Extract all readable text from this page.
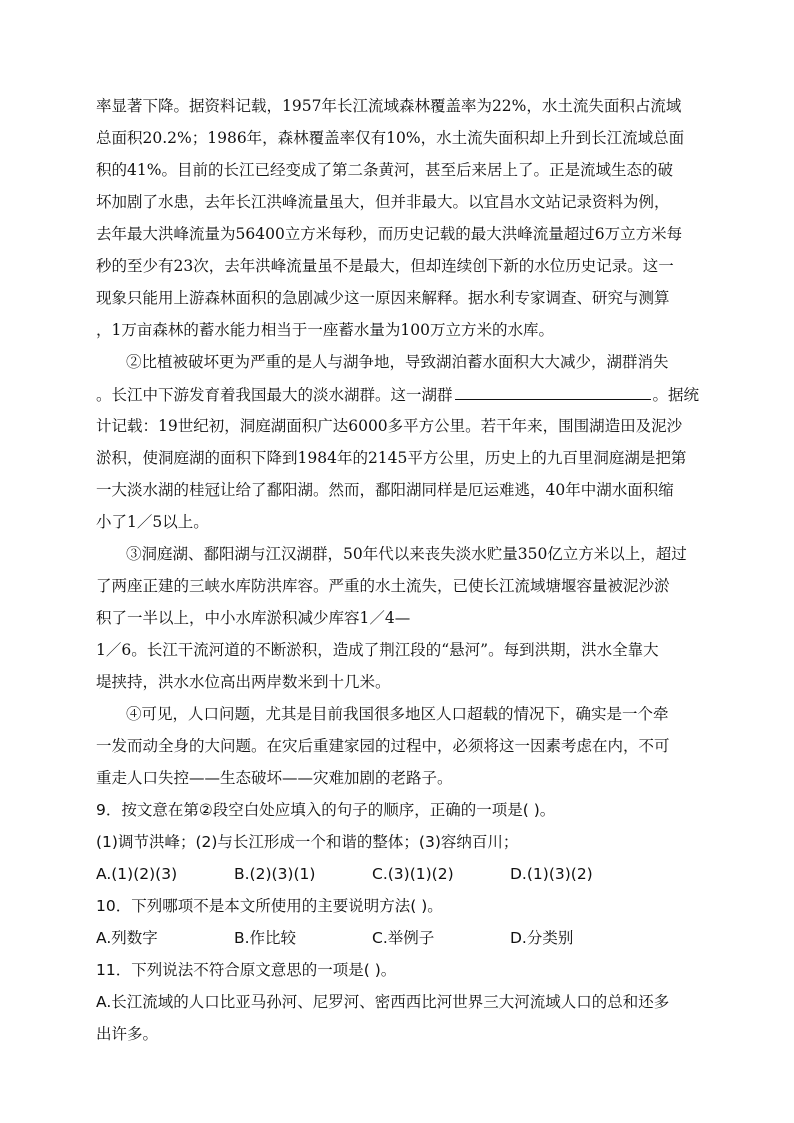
率显著下降。据资料记载，1957年长江流域森林覆盖率为22%，水土流失面积占流域
总面积20.2%；1986年，森林覆盖率仅有10%，水土流失面积却上升到长江流域总面
积的41%。目前的长江已经变成了第二条黄河，甚至后来居上了。正是流域生态的破
坏加剧了水患，去年长江洪峰流量虽大，但并非最大。以宜昌水文站记录资料为例，
去年最大洪峰流量为56400立方米每秒，而历史记载的最大洪峰流量超过6万立方米每
秒的至少有23次，去年洪峰流量虽不是最大，但却连续创下新的水位历史记录。这一
现象只能用上游森林面积的急剧减少这一原因来解释。据水利专家调查、研究与测算
，1万亩森林的蓄水能力相当于一座蓄水量为100万立方米的水库。
②比植被破坏更为严重的是人与湖争地，导致湖泊蓄水面积大大减少，湖群消失
。长江中下游发育着我国最大的淡水湖群。这一湖群	。据统
计记载：19世纪初，洞庭湖面积广达6000多平方公里。若干年来，围围湖造田及泥沙
淤积，使洞庭湖的面积下降到1984年的2145平方公里，历史上的九百里洞庭湖是把第
一大淡水湖的桂冠让给了鄱阳湖。然而，鄱阳湖同样是厄运难逃，40年中湖水面积缩
小了1／5以上。
③洞庭湖、鄱阳湖与江汉湖群，50年代以来丧失淡水贮量350亿立方米以上，超过
了两座正建的三峡水库防洪库容。严重的水土流失，已使长江流域塘堰容量被泥沙淤
积了一半以上，中小水库淤积减少库容1／4—
1／6。长江干流河道的不断淤积，造成了荆江段的“悬河”。每到洪期，洪水全靠大
堤挟持，洪水水位高出两岸数米到十几米。
④可见，人口问题，尤其是目前我国很多地区人口超载的情况下，确实是一个牵
一发而动全身的大问题。在灾后重建家园的过程中，必须将这一因素考虑在内，不可
重走人口失控——生态破坏——灾难加剧的老路子。
9．按文意在第②段空白处应填入的句子的顺序，正确的一项是( )。
(1)调节洪峰；(2)与长江形成一个和谐的整体；(3)容纳百川；
A.(1)(2)(3)	B.(2)(3)(1)	C.(3)(1)(2)	D.(1)(3)(2)
10．下列哪项不是本文所使用的主要说明方法( )。
A.列数字	B.作比较	C.举例子	D.分类别
11．下列说法不符合原文意思的一项是( )。
A.长江流域的人口比亚马孙河、尼罗河、密西西比河世界三大河流域人口的总和还多
出许多。
